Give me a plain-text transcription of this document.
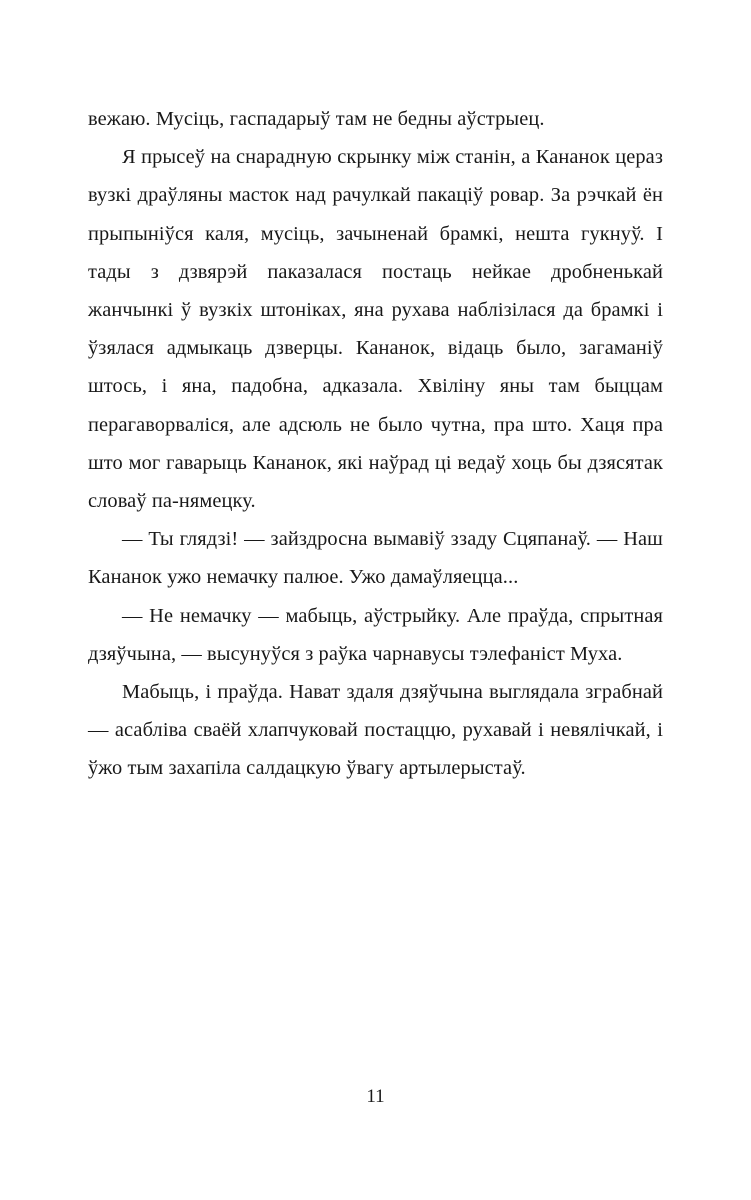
вежаю. Мусіць, гаспадарыў там не бедны аўстрыец.

Я прысеў на снарадную скрынку між станін, а Кананок цераз вузкі драўляны масток над рачулкай пакаціў ровар. За рэчкай ён прыпыніўся каля, мусіць, зачыненай брамкі, нешта гукнуў. І тады з дзвярэй паказалася постаць нейкае дробненькай жанчынкі ў вузкіх штоніках, яна рухава наблізілася да брамкі і ўзялася адмыкаць дзверцы. Кананок, відаць было, загаманіў штось, і яна, падобна, адказала. Хвіліну яны там быццам перагаворваліся, але адсюль не было чутна, пра што. Хаця пра што мог гаварыць Кананок, які наўрад ці ведаў хоць бы дзясятак словаў па-нямецку.

— Ты глядзі! — зайздросна вымавіў ззаду Сцяпанаў. — Наш Кананок ужо немачку палюе. Ужо дамаўляецца...

— Не немачку — мабыць, аўстрыйку. Але праўда, спрытная дзяўчына, — высунуўся з раўка чарнавусы тэлефаніст Муха.

Мабыць, і праўда. Нават здаля дзяўчына выглядала зграбнай — асабліва сваёй хлапчуковай постаццю, рухавай і невялічкай, і ўжо тым захапіла салдацкую ўвагу артылерыстаў.

11
